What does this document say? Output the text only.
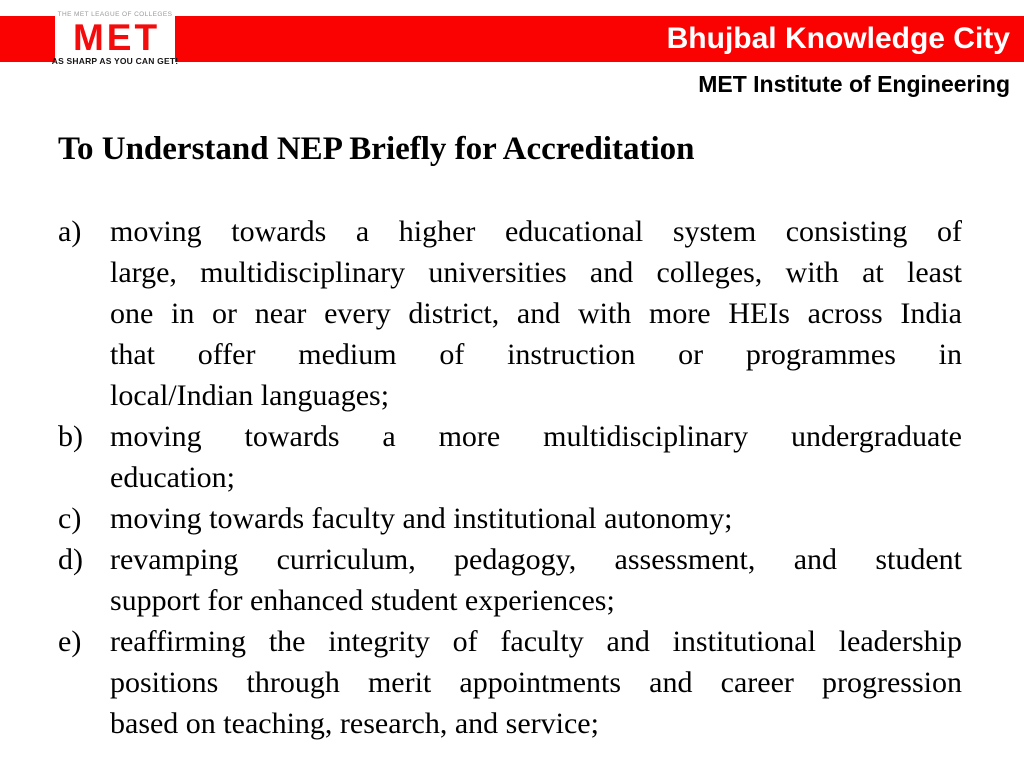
Bhujbal Knowledge City
THE MET LEAGUE OF COLLEGES
MET
AS SHARP AS YOU CAN GET!
MET Institute of Engineering
To Understand NEP Briefly for Accreditation
a) moving towards a higher educational system consisting of
large, multidisciplinary universities and colleges, with at least
one in or near every district, and with more HEIs across India
that offer medium of instruction or programmes in
local/Indian languages;
b) moving towards a more multidisciplinary undergraduate
education;
c) moving towards faculty and institutional autonomy;
d) revamping curriculum, pedagogy, assessment, and student
support for enhanced student experiences;
e) reaffirming the integrity of faculty and institutional leadership
positions through merit appointments and career progression
based on teaching, research, and service;
